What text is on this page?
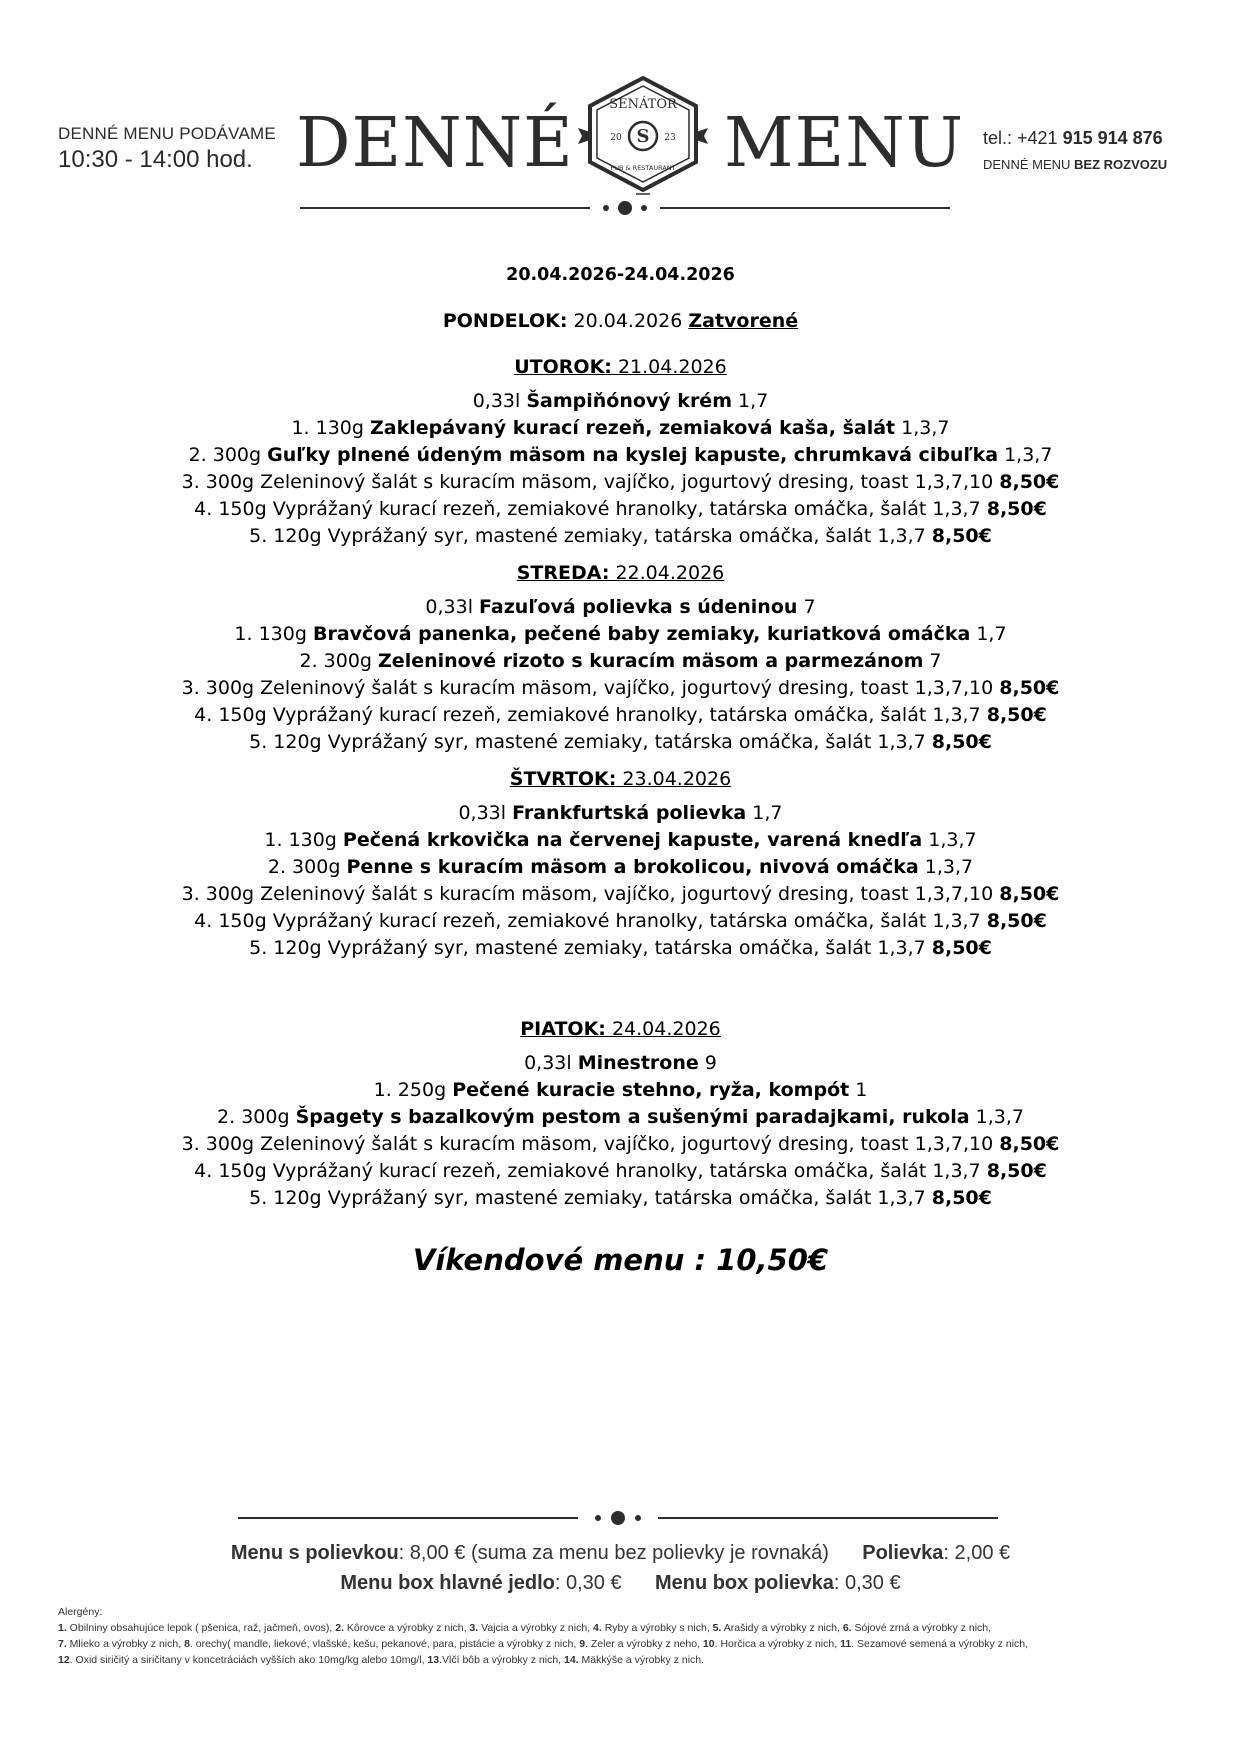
DENNÉ MENU PODÁVAME
10:30 - 14:00 hod. DENNÉ	S
SENÁTOR
20	23
PUB & RESTAURANT MENU tel.: +421 915 914 876
DENNÉ MENU BEZ ROZVOZU
20.04.2026-24.04.2026
PONDELOK: 20.04.2026 Zatvorené
UTOROK: 21.04.2026
0,33l Šampiňónový krém 1,7
1. 130g Zaklepávaný kurací rezeň, zemiaková kaša, šalát 1,3,7
2. 300g Guľky plnené údeným mäsom na kyslej kapuste, chrumkavá cibuľka 1,3,7
3. 300g Zeleninový šalát s kuracím mäsom, vajíčko, jogurtový dresing, toast 1,3,7,10 8,50€
4. 150g Vyprážaný kurací rezeň, zemiakové hranolky, tatárska omáčka, šalát 1,3,7 8,50€
5. 120g Vyprážaný syr, mastené zemiaky, tatárska omáčka, šalát 1,3,7 8,50€
STREDA: 22.04.2026
0,33l Fazuľová polievka s údeninou 7
1. 130g Bravčová panenka, pečené baby zemiaky, kuriatková omáčka 1,7
2. 300g Zeleninové rizoto s kuracím mäsom a parmezánom 7
3. 300g Zeleninový šalát s kuracím mäsom, vajíčko, jogurtový dresing, toast 1,3,7,10 8,50€
4. 150g Vyprážaný kurací rezeň, zemiakové hranolky, tatárska omáčka, šalát 1,3,7 8,50€
5. 120g Vyprážaný syr, mastené zemiaky, tatárska omáčka, šalát 1,3,7 8,50€
ŠTVRTOK: 23.04.2026
0,33l Frankfurtská polievka 1,7
1. 130g Pečená krkovička na červenej kapuste, varená knedľa 1,3,7
2. 300g Penne s kuracím mäsom a brokolicou, nivová omáčka 1,3,7
3. 300g Zeleninový šalát s kuracím mäsom, vajíčko, jogurtový dresing, toast 1,3,7,10 8,50€
4. 150g Vyprážaný kurací rezeň, zemiakové hranolky, tatárska omáčka, šalát 1,3,7 8,50€
5. 120g Vyprážaný syr, mastené zemiaky, tatárska omáčka, šalát 1,3,7 8,50€
PIATOK: 24.04.2026
0,33l Minestrone 9
1. 250g Pečené kuracie stehno, ryža, kompót 1
2. 300g Špagety s bazalkovým pestom a sušenými paradajkami, rukola 1,3,7
3. 300g Zeleninový šalát s kuracím mäsom, vajíčko, jogurtový dresing, toast 1,3,7,10 8,50€
4. 150g Vyprážaný kurací rezeň, zemiakové hranolky, tatárska omáčka, šalát 1,3,7 8,50€
5. 120g Vyprážaný syr, mastené zemiaky, tatárska omáčka, šalát 1,3,7 8,50€
Víkendové menu : 10,50€
Menu s polievkou: 8,00 € (suma za menu bez polievky je rovnaká) Polievka: 2,00 €
Menu box hlavné jedlo: 0,30 € Menu box polievka: 0,30 €
Alergény:
1. Obilniny obsahujúce lepok ( pšenica, raž, jačmeň, ovos), 2. Kôrovce a výrobky z nich, 3. Vajcia a výrobky z nich, 4. Ryby a výrobky s nich, 5. Arašidy a výrobky z nich, 6. Sójové zrná a výrobky z nich,
7. Mlieko a výrobky z nich, 8. orechy( mandle, liekové, vlašské, kešu, pekanové, para, pistácie a výrobky z nich, 9. Zeler a výrobky z neho, 10. Horčica a výrobky z nich, 11. Sezamové semená a výrobky z nich,
12. Oxid siričitý a siričitany v koncetráciách vyšších ako 10mg/kg alebo 10mg/l, 13.Vlčí bôb a výrobky z nich, 14. Mäkkýše a výrobky z nich.
